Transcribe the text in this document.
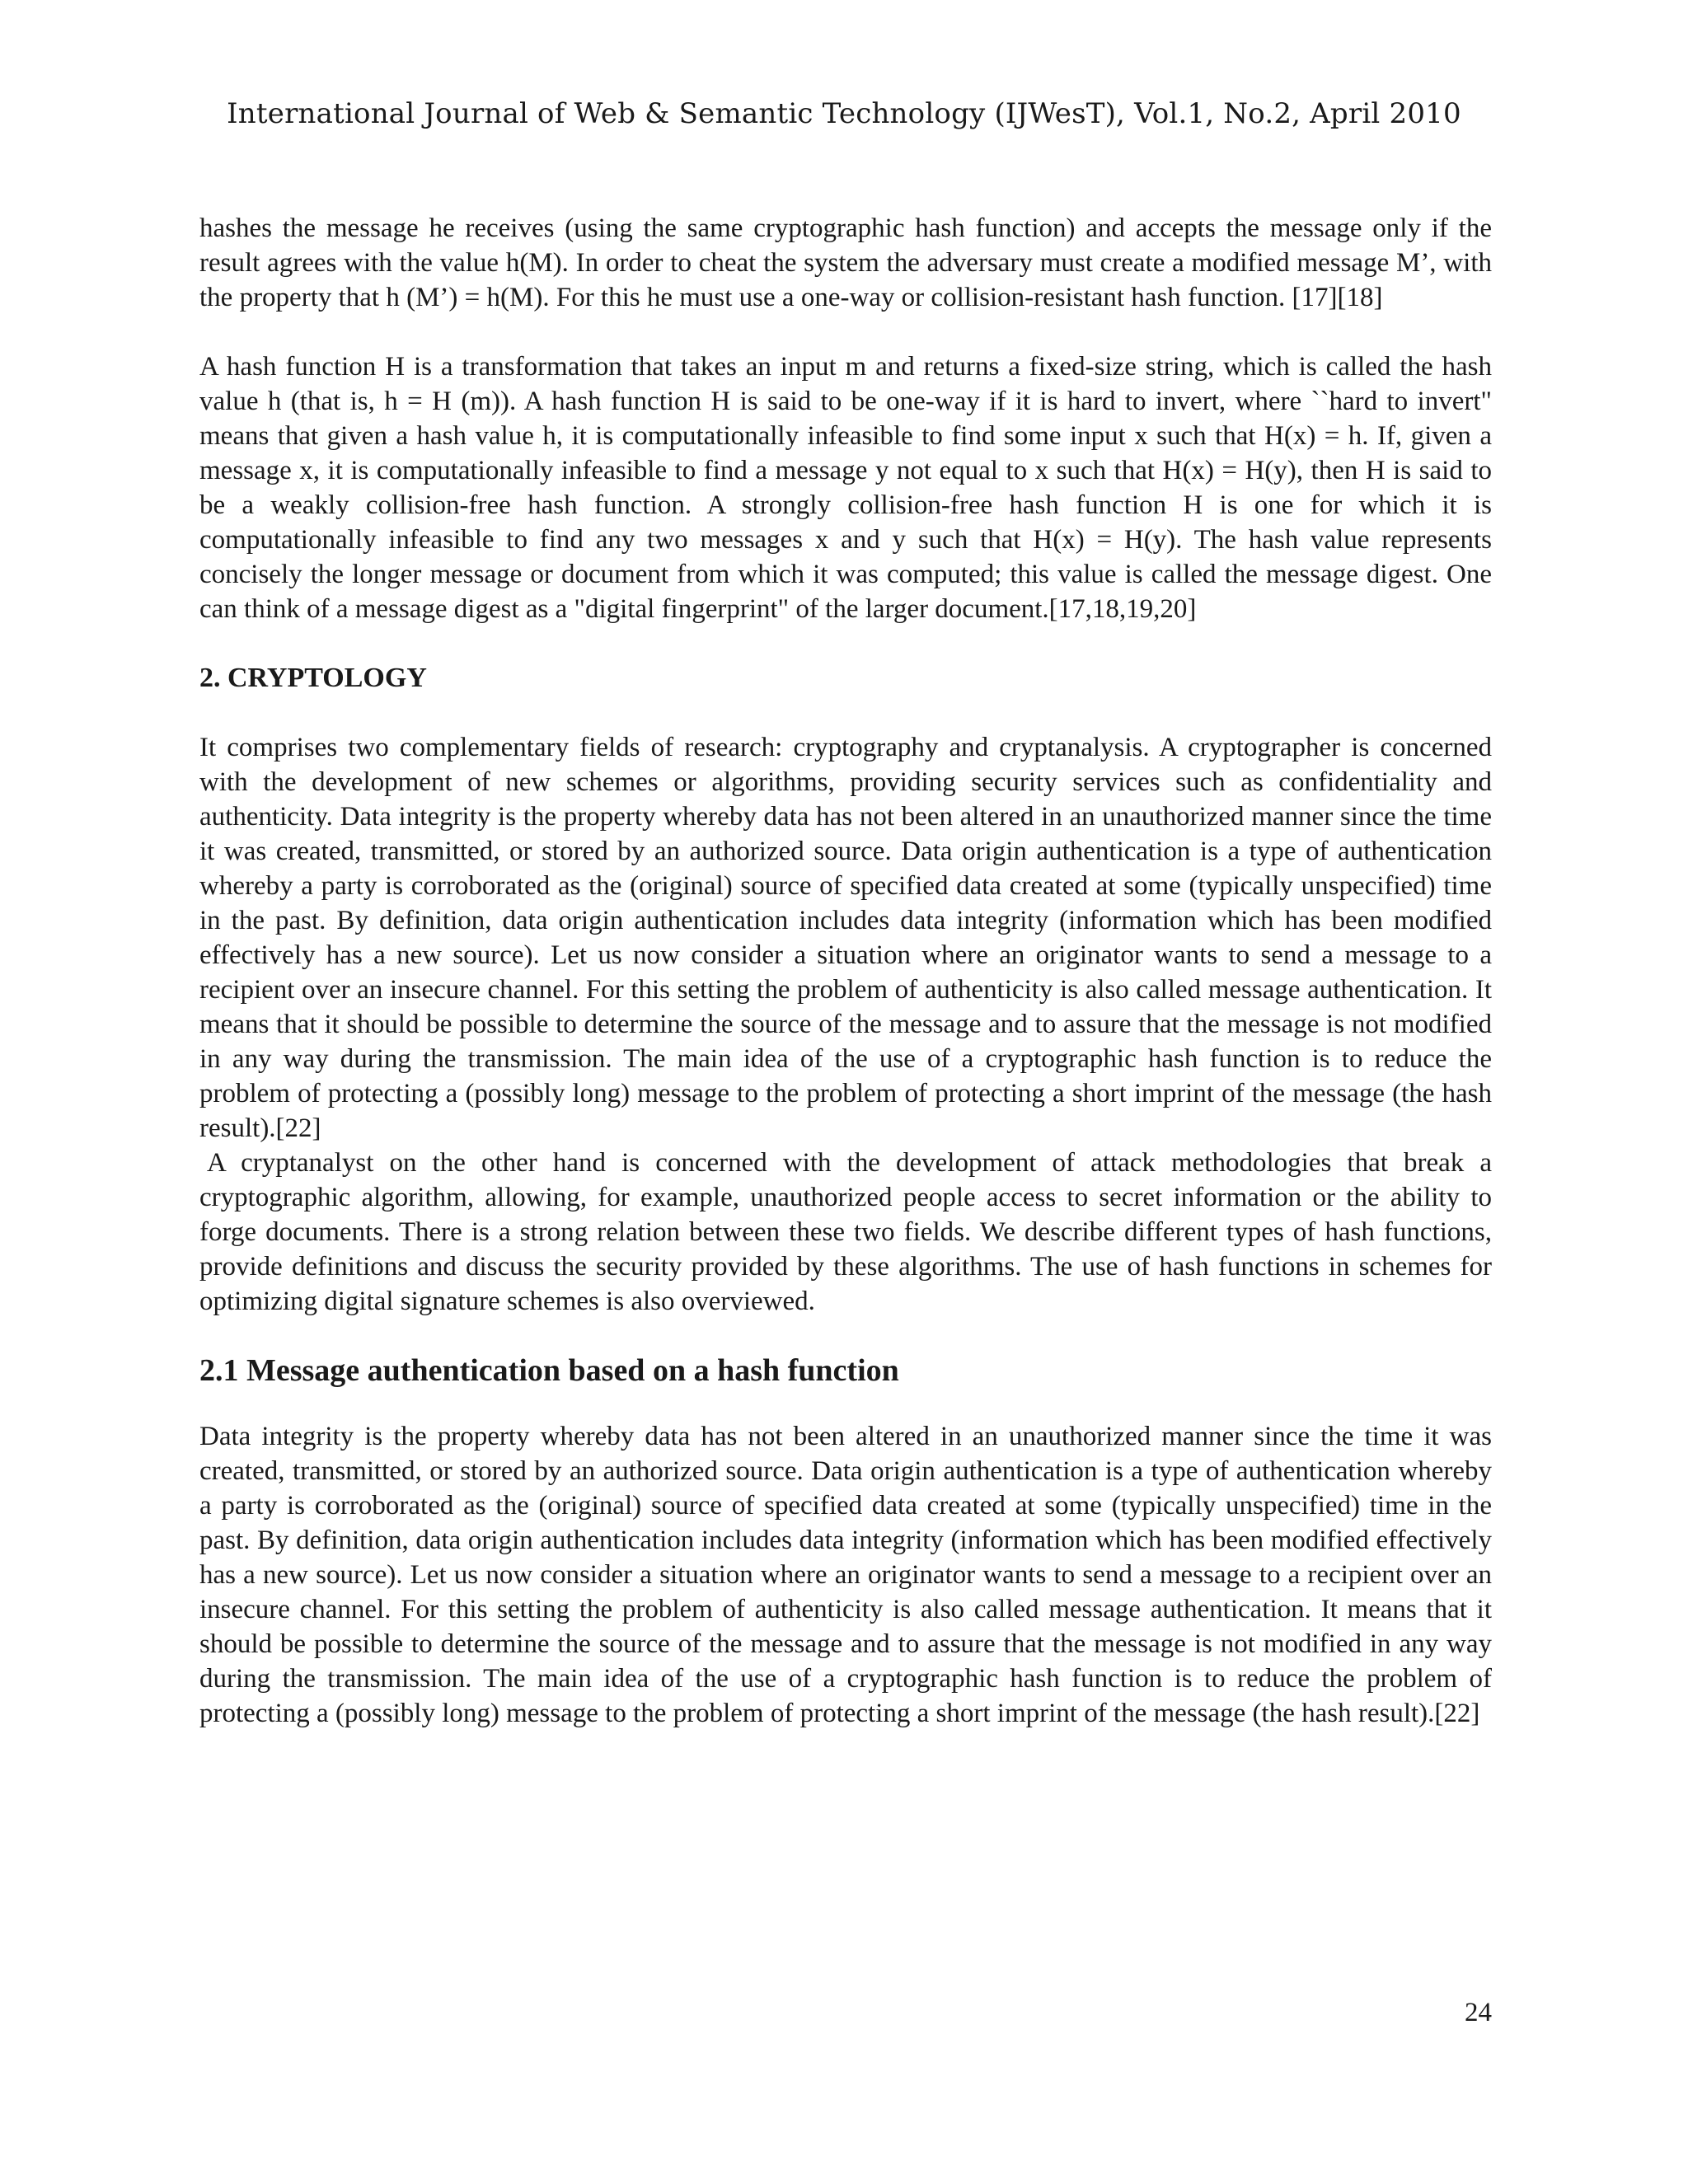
International Journal of Web & Semantic Technology (IJWesT), Vol.1, No.2, April 2010

hashes the message he receives (using the same cryptographic hash function) and accepts the message only if the result agrees with the value h(M). In order to cheat the system the adversary must create a modified message M’, with the property that h (M’) = h(M). For this he must use a one-way or collision-resistant hash function. [17][18]

A hash function H is a transformation that takes an input m and returns a fixed-size string, which is called the hash value h (that is, h = H (m)). A hash function H is said to be one-way if it is hard to invert, where ``hard to invert" means that given a hash value h, it is computationally infeasible to find some input x such that H(x) = h. If, given a message x, it is computationally infeasible to find a message y not equal to x such that H(x) = H(y), then H is said to be a weakly collision-free hash function. A strongly collision-free hash function H is one for which it is computationally infeasible to find any two messages x and y such that H(x) = H(y). The hash value represents concisely the longer message or document from which it was computed; this value is called the message digest. One can think of a message digest as a "digital fingerprint" of the larger document.[17,18,19,20]

2. CRYPTOLOGY

It comprises two complementary fields of research: cryptography and cryptanalysis. A cryptographer is concerned with the development of new schemes or algorithms, providing security services such as confidentiality and authenticity. Data integrity is the property whereby data has not been altered in an unauthorized manner since the time it was created, transmitted, or stored by an authorized source. Data origin authentication is a type of authentication whereby a party is corroborated as the (original) source of specified data created at some (typically unspecified) time in the past. By definition, data origin authentication includes data integrity (information which has been modified effectively has a new source). Let us now consider a situation where an originator wants to send a message to a recipient over an insecure channel. For this setting the problem of authenticity is also called message authentication. It means that it should be possible to determine the source of the message and to assure that the message is not modified in any way during the transmission. The main idea of the use of a cryptographic hash function is to reduce the problem of protecting a (possibly long) message to the problem of protecting a short imprint of the message (the hash result).[22]

A cryptanalyst on the other hand is concerned with the development of attack methodologies that break a cryptographic algorithm, allowing, for example, unauthorized people access to secret information or the ability to forge documents. There is a strong relation between these two fields. We describe different types of hash functions, provide definitions and discuss the security provided by these algorithms. The use of hash functions in schemes for optimizing digital signature schemes is also overviewed.

2.1 Message authentication based on a hash function

Data integrity is the property whereby data has not been altered in an unauthorized manner since the time it was created, transmitted, or stored by an authorized source. Data origin authentication is a type of authentication whereby a party is corroborated as the (original) source of specified data created at some (typically unspecified) time in the past. By definition, data origin authentication includes data integrity (information which has been modified effectively has a new source). Let us now consider a situation where an originator wants to send a message to a recipient over an insecure channel. For this setting the problem of authenticity is also called message authentication. It means that it should be possible to determine the source of the message and to assure that the message is not modified in any way during the transmission. The main idea of the use of a cryptographic hash function is to reduce the problem of protecting a (possibly long) message to the problem of protecting a short imprint of the message (the hash result).[22]

24
